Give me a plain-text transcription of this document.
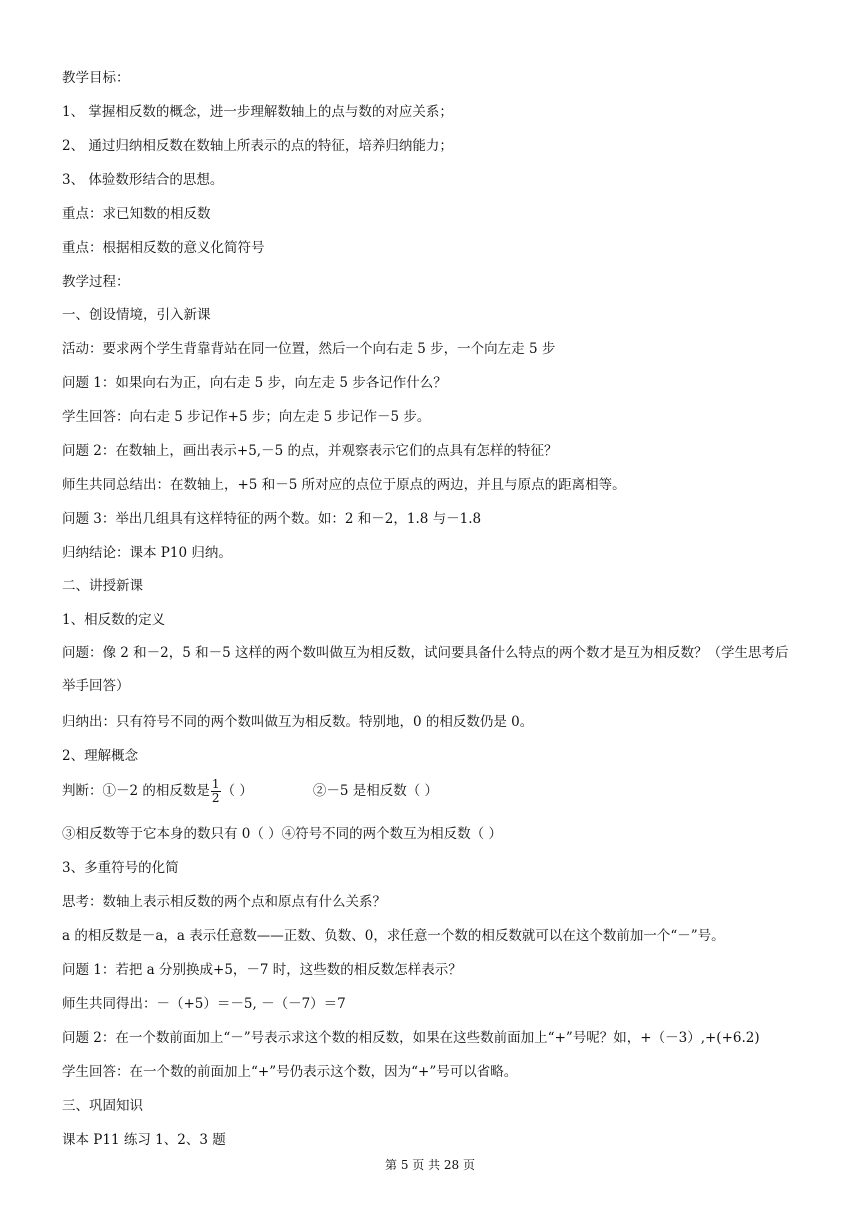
教学目标：
1、 掌握相反数的概念，进一步理解数轴上的点与数的对应关系；
2、 通过归纳相反数在数轴上所表示的点的特征，培养归纳能力；
3、 体验数形结合的思想。
重点：求已知数的相反数
重点：根据相反数的意义化简符号
教学过程：
一、创设情境，引入新课
活动：要求两个学生背靠背站在同一位置，然后一个向右走 5 步，一个向左走 5 步
问题 1：如果向右为正，向右走 5 步，向左走 5 步各记作什么？
学生回答：向右走 5 步记作+5 步；向左走 5 步记作－5 步。
问题 2：在数轴上，画出表示+5,－5 的点，并观察表示它们的点具有怎样的特征？
师生共同总结出：在数轴上，+5 和－5 所对应的点位于原点的两边，并且与原点的距离相等。
问题 3：举出几组具有这样特征的两个数。如：2 和－2，1.8 与－1.8
归纳结论：课本 P10 归纳。
二、讲授新课
1、相反数的定义
问题：像 2 和－2，5 和－5 这样的两个数叫做互为相反数，试问要具备什么特点的两个数才是互为相反数？（学生思考后举手回答）
归纳出：只有符号不同的两个数叫做互为相反数。特别地，0 的相反数仍是 0。
2、理解概念
判断：①－2 的相反数是 $\frac{1}{2}$ （ ）	②－5 是相反数（ ）
③相反数等于它本身的数只有 0（ ）④符号不同的两个数互为相反数（ ）
3、多重符号的化简
思考：数轴上表示相反数的两个点和原点有什么关系？
a 的相反数是－a，a 表示任意数——正数、负数、0，求任意一个数的相反数就可以在这个数前加一个“－”号。
问题 1：若把 a 分别换成+5，－7 时，这些数的相反数怎样表示？
师生共同得出：－（+5）＝－5, －（－7）＝7
问题 2：在一个数前面加上“－”号表示求这个数的相反数，如果在这些数前面加上“+”号呢？如，+（－3）,+(+6.2)
学生回答：在一个数的前面加上“+”号仍表示这个数，因为“+”号可以省略。
三、巩固知识
课本 P11 练习 1、2、3 题
第 5 页 共 28 页
